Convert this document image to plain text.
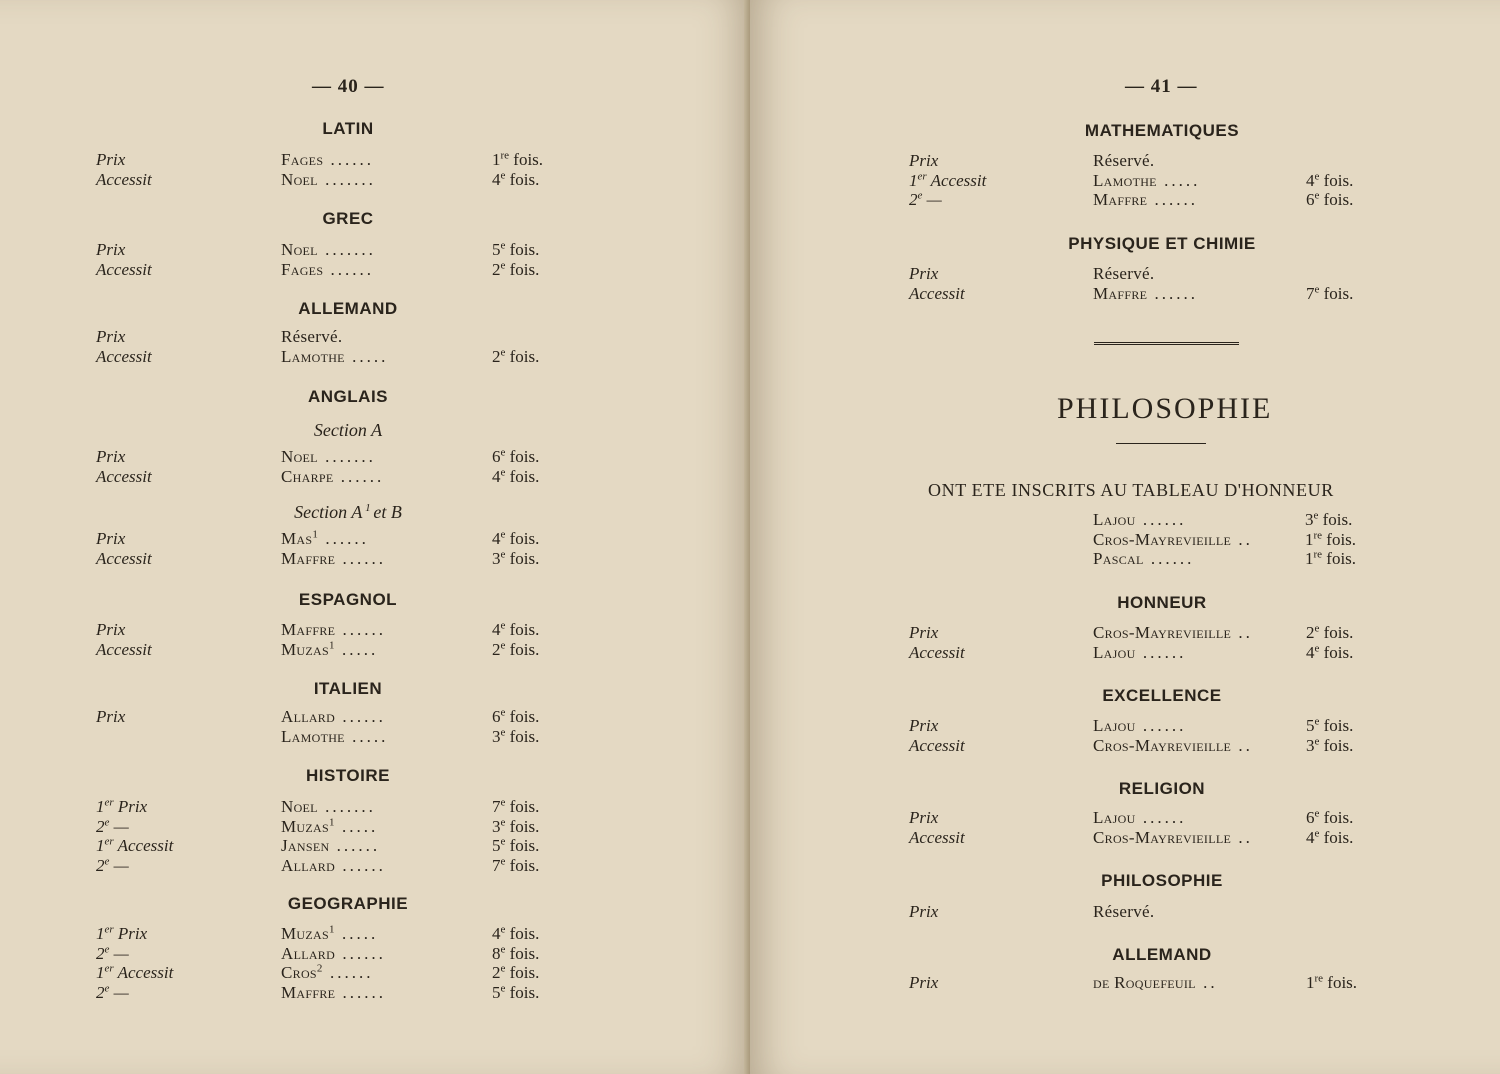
— 40 —
LATIN
Prix	Fages ......	1re fois.
Accessit	Noel .......	4e fois.
GREC
Prix	Noel .......	5e fois.
Accessit	Fages ......	2e fois.
ALLEMAND
Prix	Réservé.
Accessit	Lamothe .....	2e fois.
ANGLAIS
Section A
Prix	Noel .......	6e fois.
Accessit	Charpe ......	4e fois.
Section A $^1$ et B
Prix	Mas$^1$ ......	4e fois.
Accessit	Maffre ......	3e fois.
ESPAGNOL
Prix	Maffre ......	4e fois.
Accessit	Muzas$^1$ .....	2e fois.
ITALIEN
Prix	Allard ......	6e fois.
Lamothe .....	3e fois.
HISTOIRE
1er Prix	Noel .......	7e fois.
2e —	Muzas$^1$ .....	3e fois.
1er Accessit	Jansen ......	5e fois.
2e —	Allard ......	7e fois.
GEOGRAPHIE
1er Prix	Muzas$^1$ .....	4e fois.
2e —	Allard ......	8e fois.
1er Accessit	Cros$^2$ ......	2e fois.
2e —	Maffre ......	5e fois.
— 41 —
MATHEMATIQUES
Prix	Réservé.
1er Accessit	Lamothe .....	4e fois.
2e —	Maffre ......	6e fois.
PHYSIQUE ET CHIMIE
Prix	Réservé.
Accessit	Maffre ......	7e fois.
PHILOSOPHIE
ONT ETE INSCRITS AU TABLEAU D'HONNEUR
Lajou ......	3e fois.
Cros-Mayrevieille ..	1re fois.
Pascal ......	1re fois.
HONNEUR
Prix	Cros-Mayrevieille ..	2e fois.
Accessit	Lajou ......	4e fois.
EXCELLENCE
Prix	Lajou ......	5e fois.
Accessit	Cros-Mayrevieille ..	3e fois.
RELIGION
Prix	Lajou ......	6e fois.
Accessit	Cros-Mayrevieille ..	4e fois.
PHILOSOPHIE
Prix	Réservé.
ALLEMAND
Prix	de Roquefeuil ..	1re fois.
